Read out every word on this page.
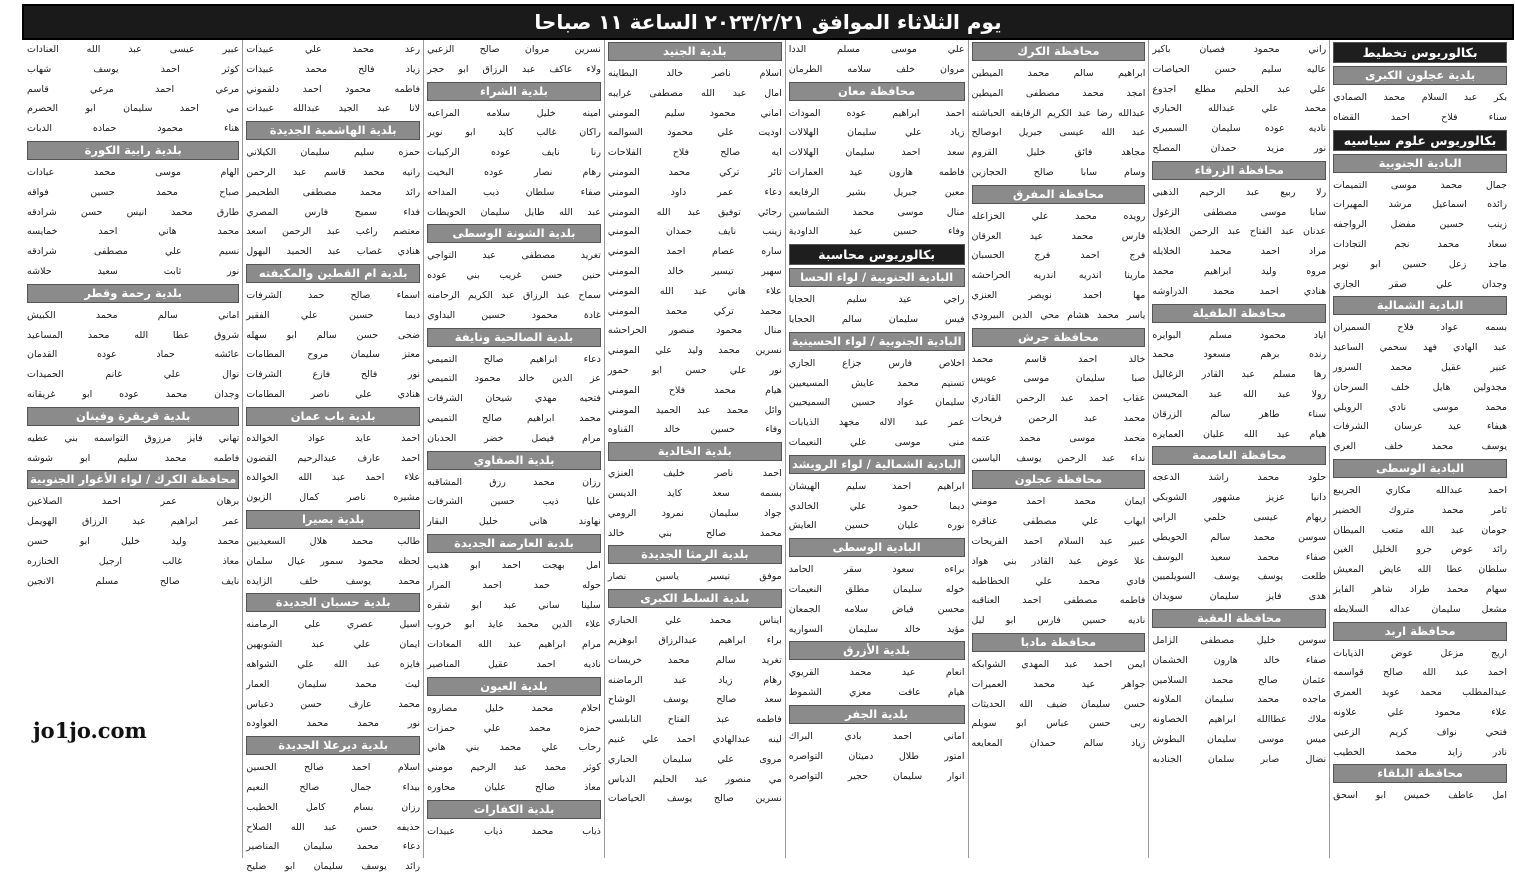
يوم الثلاثاء الموافق ٢٠٢٣/٢/٢١ الساعة ١١ صباحا
بكالوريوس تخطيط
بلدية عجلون الكبرى
بكر عبد السلام محمد الصمادي
سناء فلاح احمد القضاه
بكالوريوس علوم سياسيه
البادية الجنوبية
جمال محمد موسى التميمات
رائده اسماعيل مرشد المهيرات
زينب حسين مفضل الرواجفه
سعاد محمد نجم التجادات
ماجد زعل حسين ابو نوير
وجدان علي صقر الجازي
البادية الشمالية
بسمه عواد فلاح السميران
عبد الهادي فهد سحمي الساعيد
عبير عقيل محمد السرور
مجدولين هايل خلف السرحان
محمد موسى نادي الرويلي
هيفاء عيد عرسان الشرفات
يوسف محمد خلف العري
البادية الوسطى
احمد عبدالله مكازي الجريبع
ثامر محمد متروك الخضير
جومان عبد الله متعب الميطان
رائد عوض جرو الخليل الغين
سلطان عطا الله عايض المعيش
سهام محمد طراد شاهر الفايز
مشعل سليمان عداله السلايطه
محافظة اربد
اريج مزعل عوض الذيابات
احمد عبد الله صالح قواسمه
عبدالمطلب محمد عويد العمري
علاء محمود علي علاونه
فتحي نواف كريم الزعبي
نادر زايد محمد الخطيب
محافظة البلقاء
امل عاطف خميس ابو اسحق
راني محمود فصيان باكير
عاليه سليم حسن الحياصات
علي عبد الحليم مطلع اجدوع
محمد علي عبدالله الحباري
ناديه عوده سليمان السميري
نور مزيد حمدان المصلح
محافظة الزرقاء
رلا ربيع عبد الرحيم الذهبي
سابا موسى مصطفى الزغول
عدنان عبد الفتاح عبد الرحمن الخلايله
مراد احمد محمد الخلايله
مروه وليد ابراهيم محمد
هنادي احمد محمد الدراوشه
محافظة الطفيلة
اياد محمود مسلم البوايره
رنده برهم مسعود محمد
رها مسلم عبد القادر الزغاليل
رولا عبد الله عبد المحيسن
سناء طاهر سالم الزرقان
هيام عيد الله عليان العمايره
محافظة العاصمة
حلود محمد راشد الدعجه
دانيا عزيز مشهور الشوبكي
ريهام عيسى حلمي الرابي
سوسن محمد سالم الحويطي
صفاء محمد سعيد اليوسف
طلعت يوسف يوسف السويلميين
هدى فايز سليمان سويدان
محافظة العقبة
سوسن خليل مصطفى الزامل
صفاء خالد هارون الخشمان
عثمان صالح محمد السلامين
ماجده محمد سليمان الملاونه
ملاك عطاالله ابراهيم الخصاونه
ميس موسى سليمان البطوش
نضال صابر سلمان الجنادبه
محافظة الكرك
ابراهيم سالم محمد الميطين
امجد محمد مصطفى الميطين
عبدالله رضا عبد الكريم الرفايفه الحباشنه
عبد الله عيسى جبريل ابوصالح
مجاهد فائق خليل القروم
وسام سابا صالح الحجازين
محافظة المفرق
رويده محمد علي الخزاعله
فارس محمد عيد العرقان
فرج احمد فرج الحسبان
مارينا اندريه اندريه الحراحشه
مها احمد نويصر العنزي
ياسر محمد هشام محي الدين البيرودي
محافظة جرش
خالد احمد قاسم محمد
صبا سليمان موسى عويس
عقاب احمد عبد الرحمن القادري
محمد عبد الرحمن فريحات
محمد موسى محمد عتمه
نداء عبد الرحمن يوسف الياسين
محافظة عجلون
ايمان محمد احمد مومني
ايهاب علي مصطفى عناقره
عبير عبد السلام احمد الفريحات
علا عوض عبد القادر بني هواد
فادي محمد علي الخطاطبه
فاطمه مصطفى احمد العناقبه
ناديه حسين فارس ابو ليل
محافظة مادبا
ايمن احمد عبد المهدي الشوابكه
جواهر عيد محمد العميرات
حسن سليمان ضيف الله الحديثات
ربى حسن عباس ابو سويلم
زياد سالم حمدان المعايعه
علي موسى مسلم الددا
مروان خلف سلامه الطرمان
محافظة معان
احمد ابراهيم عوده المودات
زياد علي سليمان الهلالات
سعد احمد سليمان الهلالات
فاطمه هارون عيد العمارات
معين جبريل بشير الرفايعه
منال موسى محمد الشماسين
وفاء حسين عيد الداودية
بكالوريوس محاسبة
البادية الجنوبية / لواء الحسا
راجي عيد سليم الحجايا
فيس سليمان سالم الحجايا
البادية الجنوبية / لواء الحسينية
اخلاص فارس جزاع الجازي
تسنيم محمد عايش المسيعيين
سليمان عواد حسين السميحيين
عمر عبد الاله مجهد الذيابات
منى موسى علي النعيمات
البادية الشمالية / لواء الرويشد
ابراهيم احمد سليم الهيشان
ديما حمود علي الخالدي
نوره عليان حسين العايش
البادية الوسطى
براءه سعود سقر الحامد
خوله سليمان مطلق النعيمات
محسن فياض سلامه الجمعان
مؤيد خالد سليمان السواريه
بلدية الأزرق
انعام عيد محمد القريوي
هيام عافت معزي الشموط
بلدية الجفر
اماني احمد بادي البراك
امتور طلال دميثان التواصره
انوار سليمان حجير التواصره
بلدية الجنيد
اسلام ناصر خالد البطاينه
امال عبد الله مصطفى غرايبه
اماني محمود سليم المومني
اوديت علي محمود السوالمه
ايه صالح فلاح الفلاحات
ثائر تركي محمد المومني
دعاء عمر داود المومني
رجائي توفيق عبد الله المومني
زينب نايف حمدان المومني
ساره عصام احمد المومني
سهير تيسير خالد المومني
علاء هاني عبد الله المومني
محمد تركي محمد المومني
منال محمود منصور الحراحشه
نسرين محمد وليد علي المومني
نور علي حسن ابو حمور
هيام محمد فلاح المومني
وائل محمد عبد الحميد المومني
وفاء حسين خالد القناوه
بلدية الخالدية
احمد ناصر خليف العنزي
بسمه سعد كايد الديسن
جواد سليمان نمرود الرومي
محمد صالح بني خالد
بلدية الرمثا الجديدة
موفق تيسير ياسين نصار
بلدية السلط الكبرى
ايناس محمد علي الحباري
براء ابراهيم عبدالرزاق ابوهزيم
تغريد سالم محمد خريسات
رهام زياد عبد الرماضنه
سعد صالح يوسف الوشاح
فاطمه عبد الفتاح النابلسي
لينه عبدالهادي احمد علي غنيم
مروى علي سليمان الحباري
مي منصور عبد الحليم الدباس
نسرين صالح يوسف الحياصات
نسرين مروان صالح الزعبي
ولاء عاكف عبد الرزاق ابو حجر
بلدية الشراء
امينه خليل سلامه المراعيه
راكان غالب كايد ابو نوير
رنا نايف عوده الركيبات
رهام نصار عوده البخيت
صفاء سلطان ذيب المداحه
عبد الله طايل سليمان الحويطات
بلدية الشونة الوسطى
تغريد مصطفى عيد التواجي
حنين حسن غريب بني عوده
سماح عبد الرزاق عبد الكريم الرحامنه
غادة محمود حسين البداوي
بلدية الصالحية ونايفة
دعاء ابراهيم صالح التميمي
عز الدين خالد محمود التميمي
فتحيه مهدي شيحان الشرفات
محمد ابراهيم صالح التميمي
مرام فيصل خضر الحدبان
بلدية الصفاوي
رزان محمد رزق المشاقبه
عليا ذيب حسين الشرفات
نهاوند هاني حليل البقار
بلدية العارضة الجديدة
امل بهجت احمد ابو هديب
حوله حمد احمد المرار
سلينا ساني عبد ابو شقره
علاء الدين محمد عايد ابو خروب
مرام ابراهيم عبد الله المعادات
ناديه احمد عقيل المناصير
بلدية العيون
احلام محمد خليل مصاروه
حمزه محمد علي حمزات
رحاب علي محمد بني هاني
كوثر محمد عبد الرحيم مومني
معاذ صالح عليان محاوره
بلدية الكفارات
ذياب محمد ذياب عبيدات
رعد محمد علي عبيدات
زياد فالح محمد عبيدات
فاطمه محمود احمد دلقموني
لانا عبد الجيد عبدالله عبيدات
بلدية الهاشمية الجديدة
حمزه سليم سليمان الكيلاني
رانيه محمد قاسم عبد الرحمن
رائد محمد مصطفى الطحيمر
فداء سميح فارس المصري
معتصم راغب عبد الرحمن اسعد
هنادي غصاب عبد الحميد البهول
بلدية ام القطين والمكيفته
اسماء صالح حمد الشرفات
ديما حسين علي الفقير
ضحى حسن سالم ابو سهله
معتز سليمان مروح المطامات
نور فالح فازع الشرفات
هنادي علي ناصر المطامات
بلدية باب عمان
احمد عايد عواد الخوالده
احمد عارف عبدالرحيم القضون
علاء احمد عبد الله الخوالده
مشيره ناصر كمال الزيون
بلدية بصيرا
طالب محمد هلال السعيديين
لحظه محمود سمور عيال سلمان
محمد يوسف خلف الزايده
بلدية حسبان الجديدة
اسيل عصري علي الرمامنه
ايمان علي عبد الشويهين
فايزه عبد الله علي الشواهه
ليث محمد سليمان العمار
محمد عارف حسن دعباس
نور محمد محمد العواوده
بلدية ديرعلا الجديدة
اسلام احمد صالح الحسين
بيداء جمال صالح النعيم
رزان بسام كامل الخطيب
حذيفه حسن عبد الله الصلاح
دعاء محمد سليمان المناصير
رائد يوسف سليمان ابو صليح
عبير عيسى عبد الله العنادات
كوثر احمد يوسف شهاب
مرعي احمد مرعي قاسم
مي احمد سليمان ابو الحصرم
هناء محمود حماده الدبات
بلدية رابية الكورة
الهام موسى محمد عبادات
صباح محمد حسين فواقه
طارق محمد انيس حسن شرادقه
محمد هاني احمد خمايسه
نسيم علي مصطفى شرادقه
نور ثابت سعيد حلاشه
بلدية رحمة وقطر
اماني سالم محمد الكبيش
شروق عطا الله محمد المساعيد
عائشه حماد عوده القدمان
نوال علي غانم الحميدات
وجدان محمد عوده ابو غريقانه
بلدية قريقرة وفينان
تهاني فايز مرزوق التواسمه بني عطيه
فاطمه محمد سليم ابو شوشه
محافظة الكرك / لواء الأغوار الجنوبية
برهان عمر احمد الصلاعين
عمر ابراهيم عبد الرزاق الهويمل
محمد وليد خليل ابو حسن
معاذ غالب ارجيل الخنازره
نايف صالح مسلم الانجين
jo1jo.com
